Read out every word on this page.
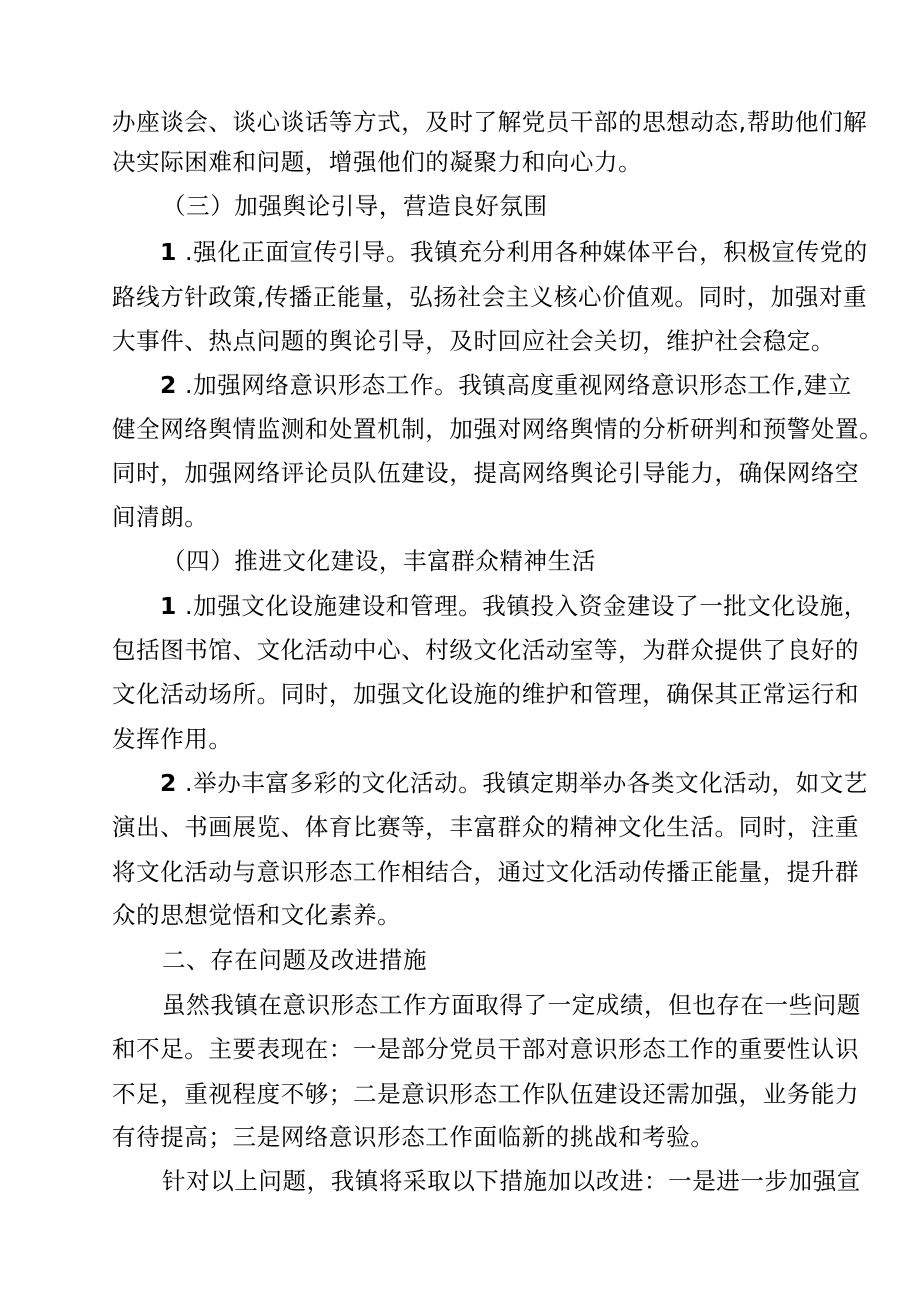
办座谈会、谈心谈话等方式，及时了解党员干部的思想动态,帮助他们解
决实际困难和问题，增强他们的凝聚力和向心力。
（三）加强舆论引导，营造良好氛围
1 .强化正面宣传引导。我镇充分利用各种媒体平台，积极宣传党的
路线方针政策,传播正能量，弘扬社会主义核心价值观。同时，加强对重
大事件、热点问题的舆论引导，及时回应社会关切，维护社会稳定。
2 .加强网络意识形态工作。我镇高度重视网络意识形态工作,建立
健全网络舆情监测和处置机制，加强对网络舆情的分析研判和预警处置。
同时，加强网络评论员队伍建设，提高网络舆论引导能力，确保网络空
间清朗。
（四）推进文化建设，丰富群众精神生活
1 .加强文化设施建设和管理。我镇投入资金建设了一批文化设施，
包括图书馆、文化活动中心、村级文化活动室等，为群众提供了良好的
文化活动场所。同时，加强文化设施的维护和管理，确保其正常运行和
发挥作用。
2 .举办丰富多彩的文化活动。我镇定期举办各类文化活动，如文艺
演出、书画展览、体育比赛等，丰富群众的精神文化生活。同时，注重
将文化活动与意识形态工作相结合，通过文化活动传播正能量，提升群
众的思想觉悟和文化素养。
二、存在问题及改进措施
虽然我镇在意识形态工作方面取得了一定成绩，但也存在一些问题
和不足。主要表现在：一是部分党员干部对意识形态工作的重要性认识
不足，重视程度不够；二是意识形态工作队伍建设还需加强，业务能力
有待提高；三是网络意识形态工作面临新的挑战和考验。
针对以上问题，我镇将采取以下措施加以改进：一是进一步加强宣
